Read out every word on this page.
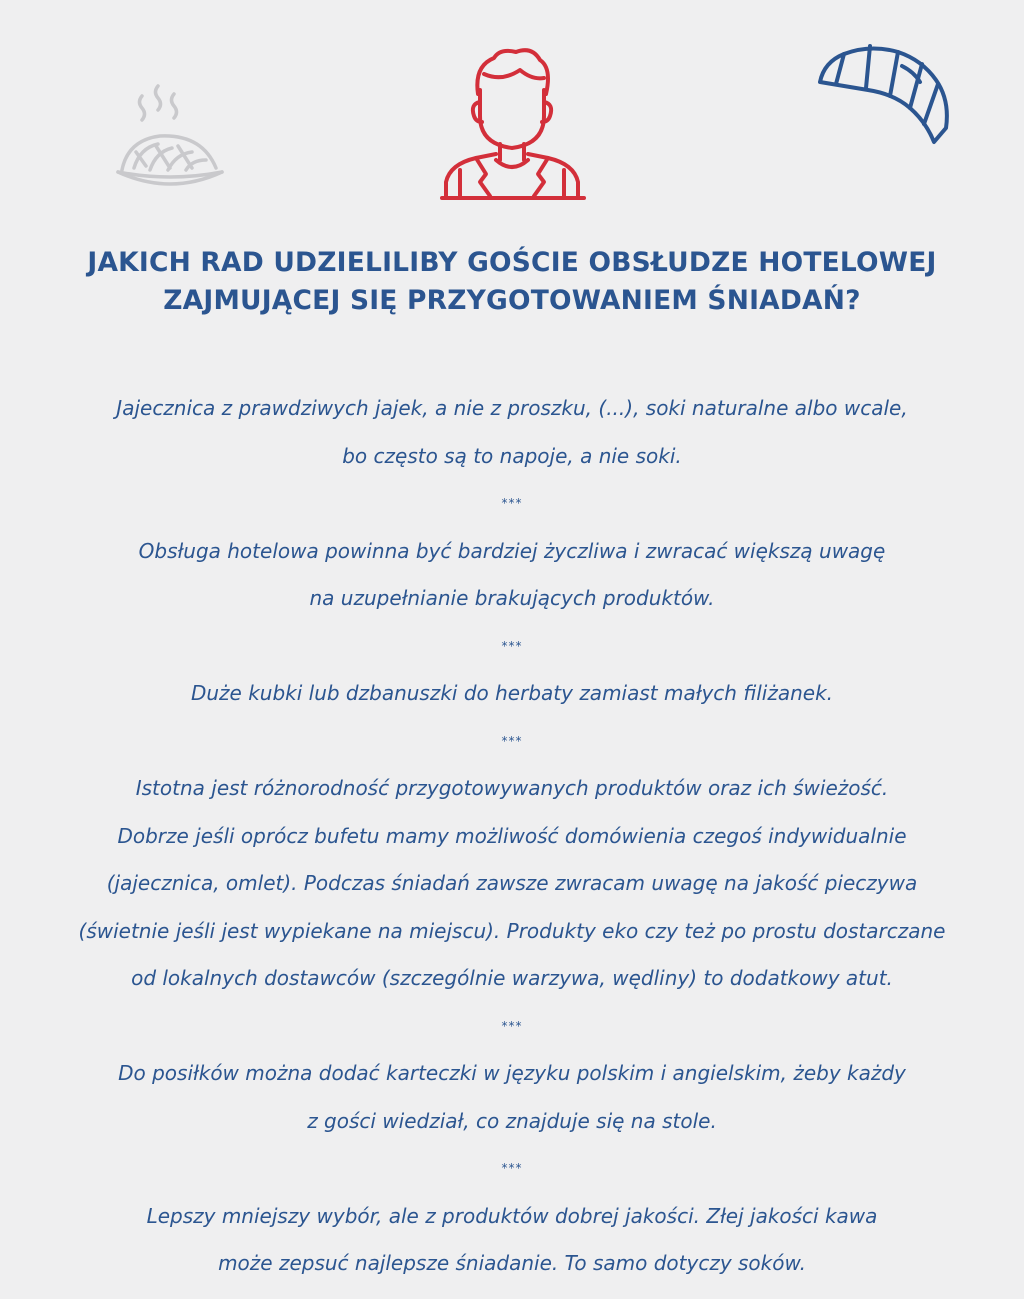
JAKICH RAD UDZIELILIBY GOŚCIE OBSŁUDZE HOTELOWEJ
ZAJMUJĄCEJ SIĘ PRZYGOTOWANIEM ŚNIADAŃ?
Jajecznica z prawdziwych jajek, a nie z proszku, (...), soki naturalne albo wcale,
bo często są to napoje, a nie soki.
***
Obsługa hotelowa powinna być bardziej życzliwa i zwracać większą uwagę
na uzupełnianie brakujących produktów.
***
Duże kubki lub dzbanuszki do herbaty zamiast małych filiżanek.
***
Istotna jest różnorodność przygotowywanych produktów oraz ich świeżość.
Dobrze jeśli oprócz bufetu mamy możliwość domówienia czegoś indywidualnie
(jajecznica, omlet). Podczas śniadań zawsze zwracam uwagę na jakość pieczywa
(świetnie jeśli jest wypiekane na miejscu). Produkty eko czy też po prostu dostarczane
od lokalnych dostawców (szczególnie warzywa, wędliny) to dodatkowy atut.
***
Do posiłków można dodać karteczki w języku polskim i angielskim, żeby każdy
z gości wiedział, co znajduje się na stole.
***
Lepszy mniejszy wybór, ale z produktów dobrej jakości. Złej jakości kawa
może zepsuć najlepsze śniadanie. To samo dotyczy soków.
